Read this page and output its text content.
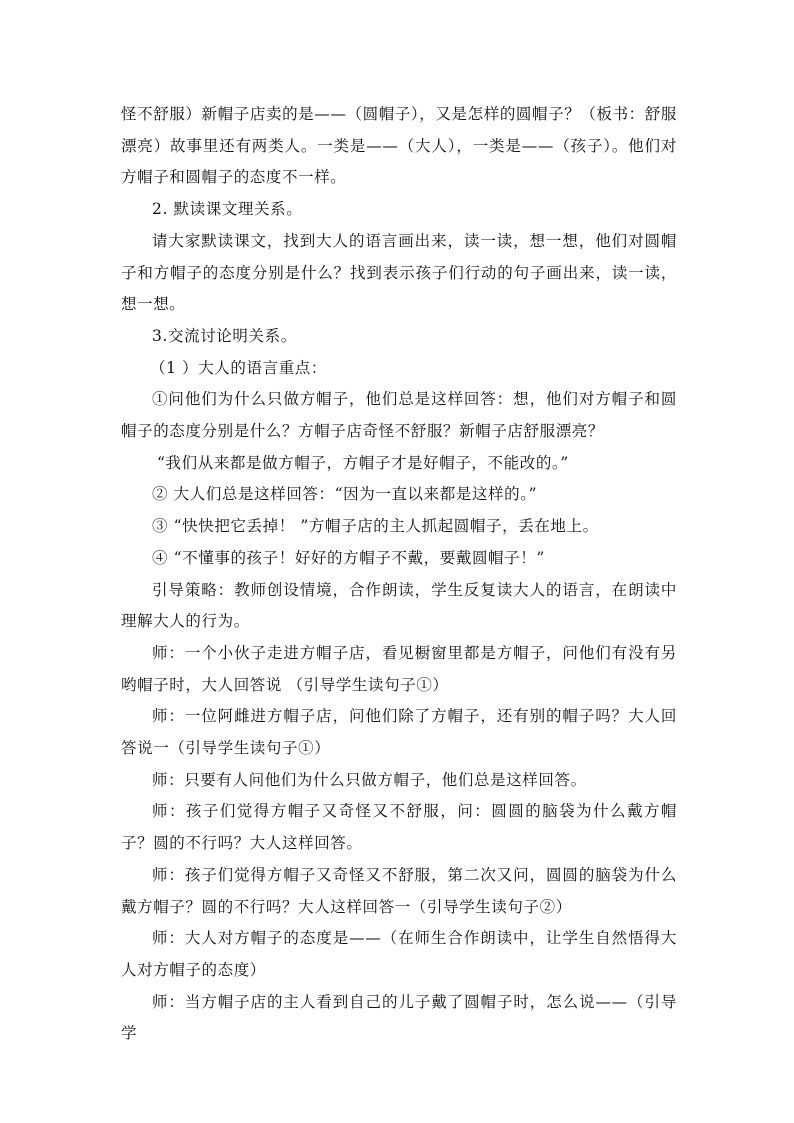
怪不舒服）新帽子店卖的是——（圆帽子），又是怎样的圆帽子？（板书：舒服漂亮）故事里还有两类人。一类是——（大人），一类是——（孩子）。他们对方帽子和圆帽子的态度不一样。

2. 默读课文理关系。

请大家默读课文，找到大人的语言画出来，读一读，想一想，他们对圆帽子和方帽子的态度分别是什么？找到表示孩子们行动的句子画出来，读一读，想一想。

3.交流讨论明关系。

（1 ）大人的语言重点：

①问他们为什么只做方帽子，他们总是这样回答：想，他们对方帽子和圆帽子的态度分别是什么？方帽子店奇怪不舒服？新帽子店舒服漂亮？

“我们从来都是做方帽子，方帽子才是好帽子，不能改的。”

② 大人们总是这样回答：“因为一直以来都是这样的。”

③ “快快把它丢掉！ ”方帽子店的主人抓起圆帽子，丢在地上。

④ “不懂事的孩子！好好的方帽子不戴，要戴圆帽子！”

引导策略：教师创设情境，合作朗读，学生反复读大人的语言，在朗读中理解大人的行为。

师：一个小伙子走进方帽子店，看见橱窗里都是方帽子，问他们有没有另哟帽子时，大人回答说 （引导学生读句子①）

师：一位阿雌进方帽子店，问他们除了方帽子，还有别的帽子吗？大人回答说一（引导学生读句子①）

师：只要有人问他们为什么只做方帽子，他们总是这样回答。

师：孩子们觉得方帽子又奇怪又不舒服，问：圆圆的脑袋为什么戴方帽子？圆的不行吗？大人这样回答。

师：孩子们觉得方帽子又奇怪又不舒服，第二次又问，圆圆的脑袋为什么戴方帽子？圆的不行吗？大人这样回答一（引导学生读句子②）

师：大人对方帽子的态度是——（在师生合作朗读中，让学生自然悟得大人对方帽子的态度）

师：当方帽子店的主人看到自己的儿子戴了圆帽子时，怎么说——（引导学
